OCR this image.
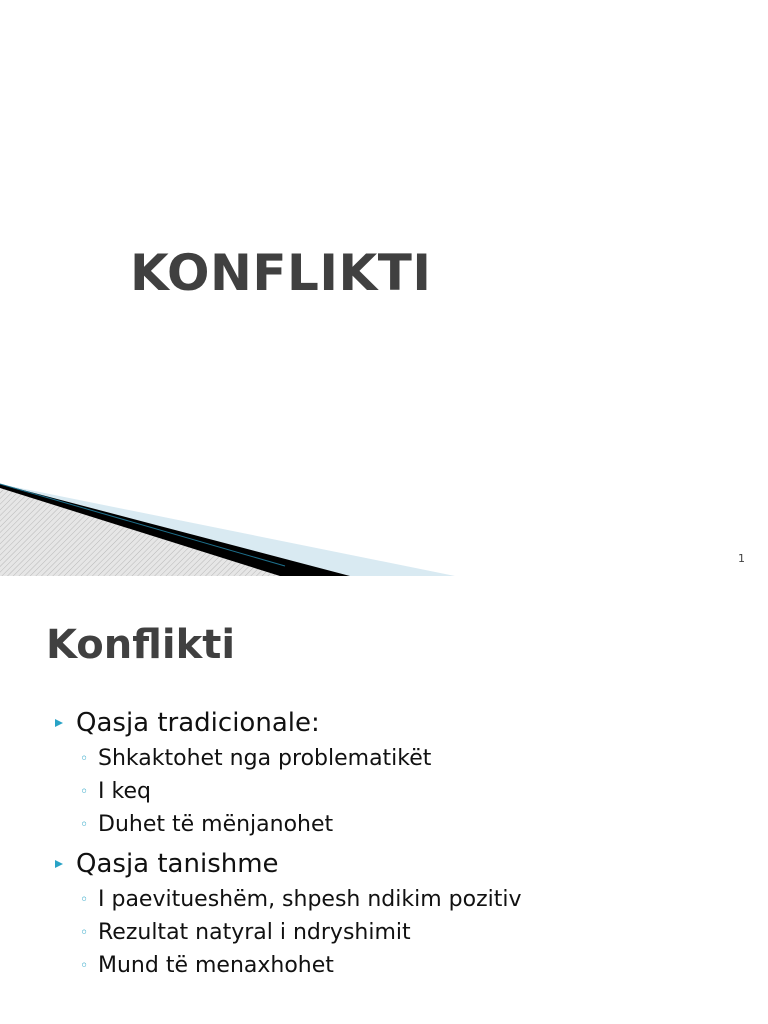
KONFLIKTI
1
Konflikti
Qasja tradicionale:
◦ Shkaktohet nga problematikët
◦ I keq
◦ Duhet të mënjanohet
Qasja tanishme
◦ I paevitueshëm, shpesh ndikim pozitiv
◦ Rezultat natyral i ndryshimit
◦ Mund të menaxhohet
